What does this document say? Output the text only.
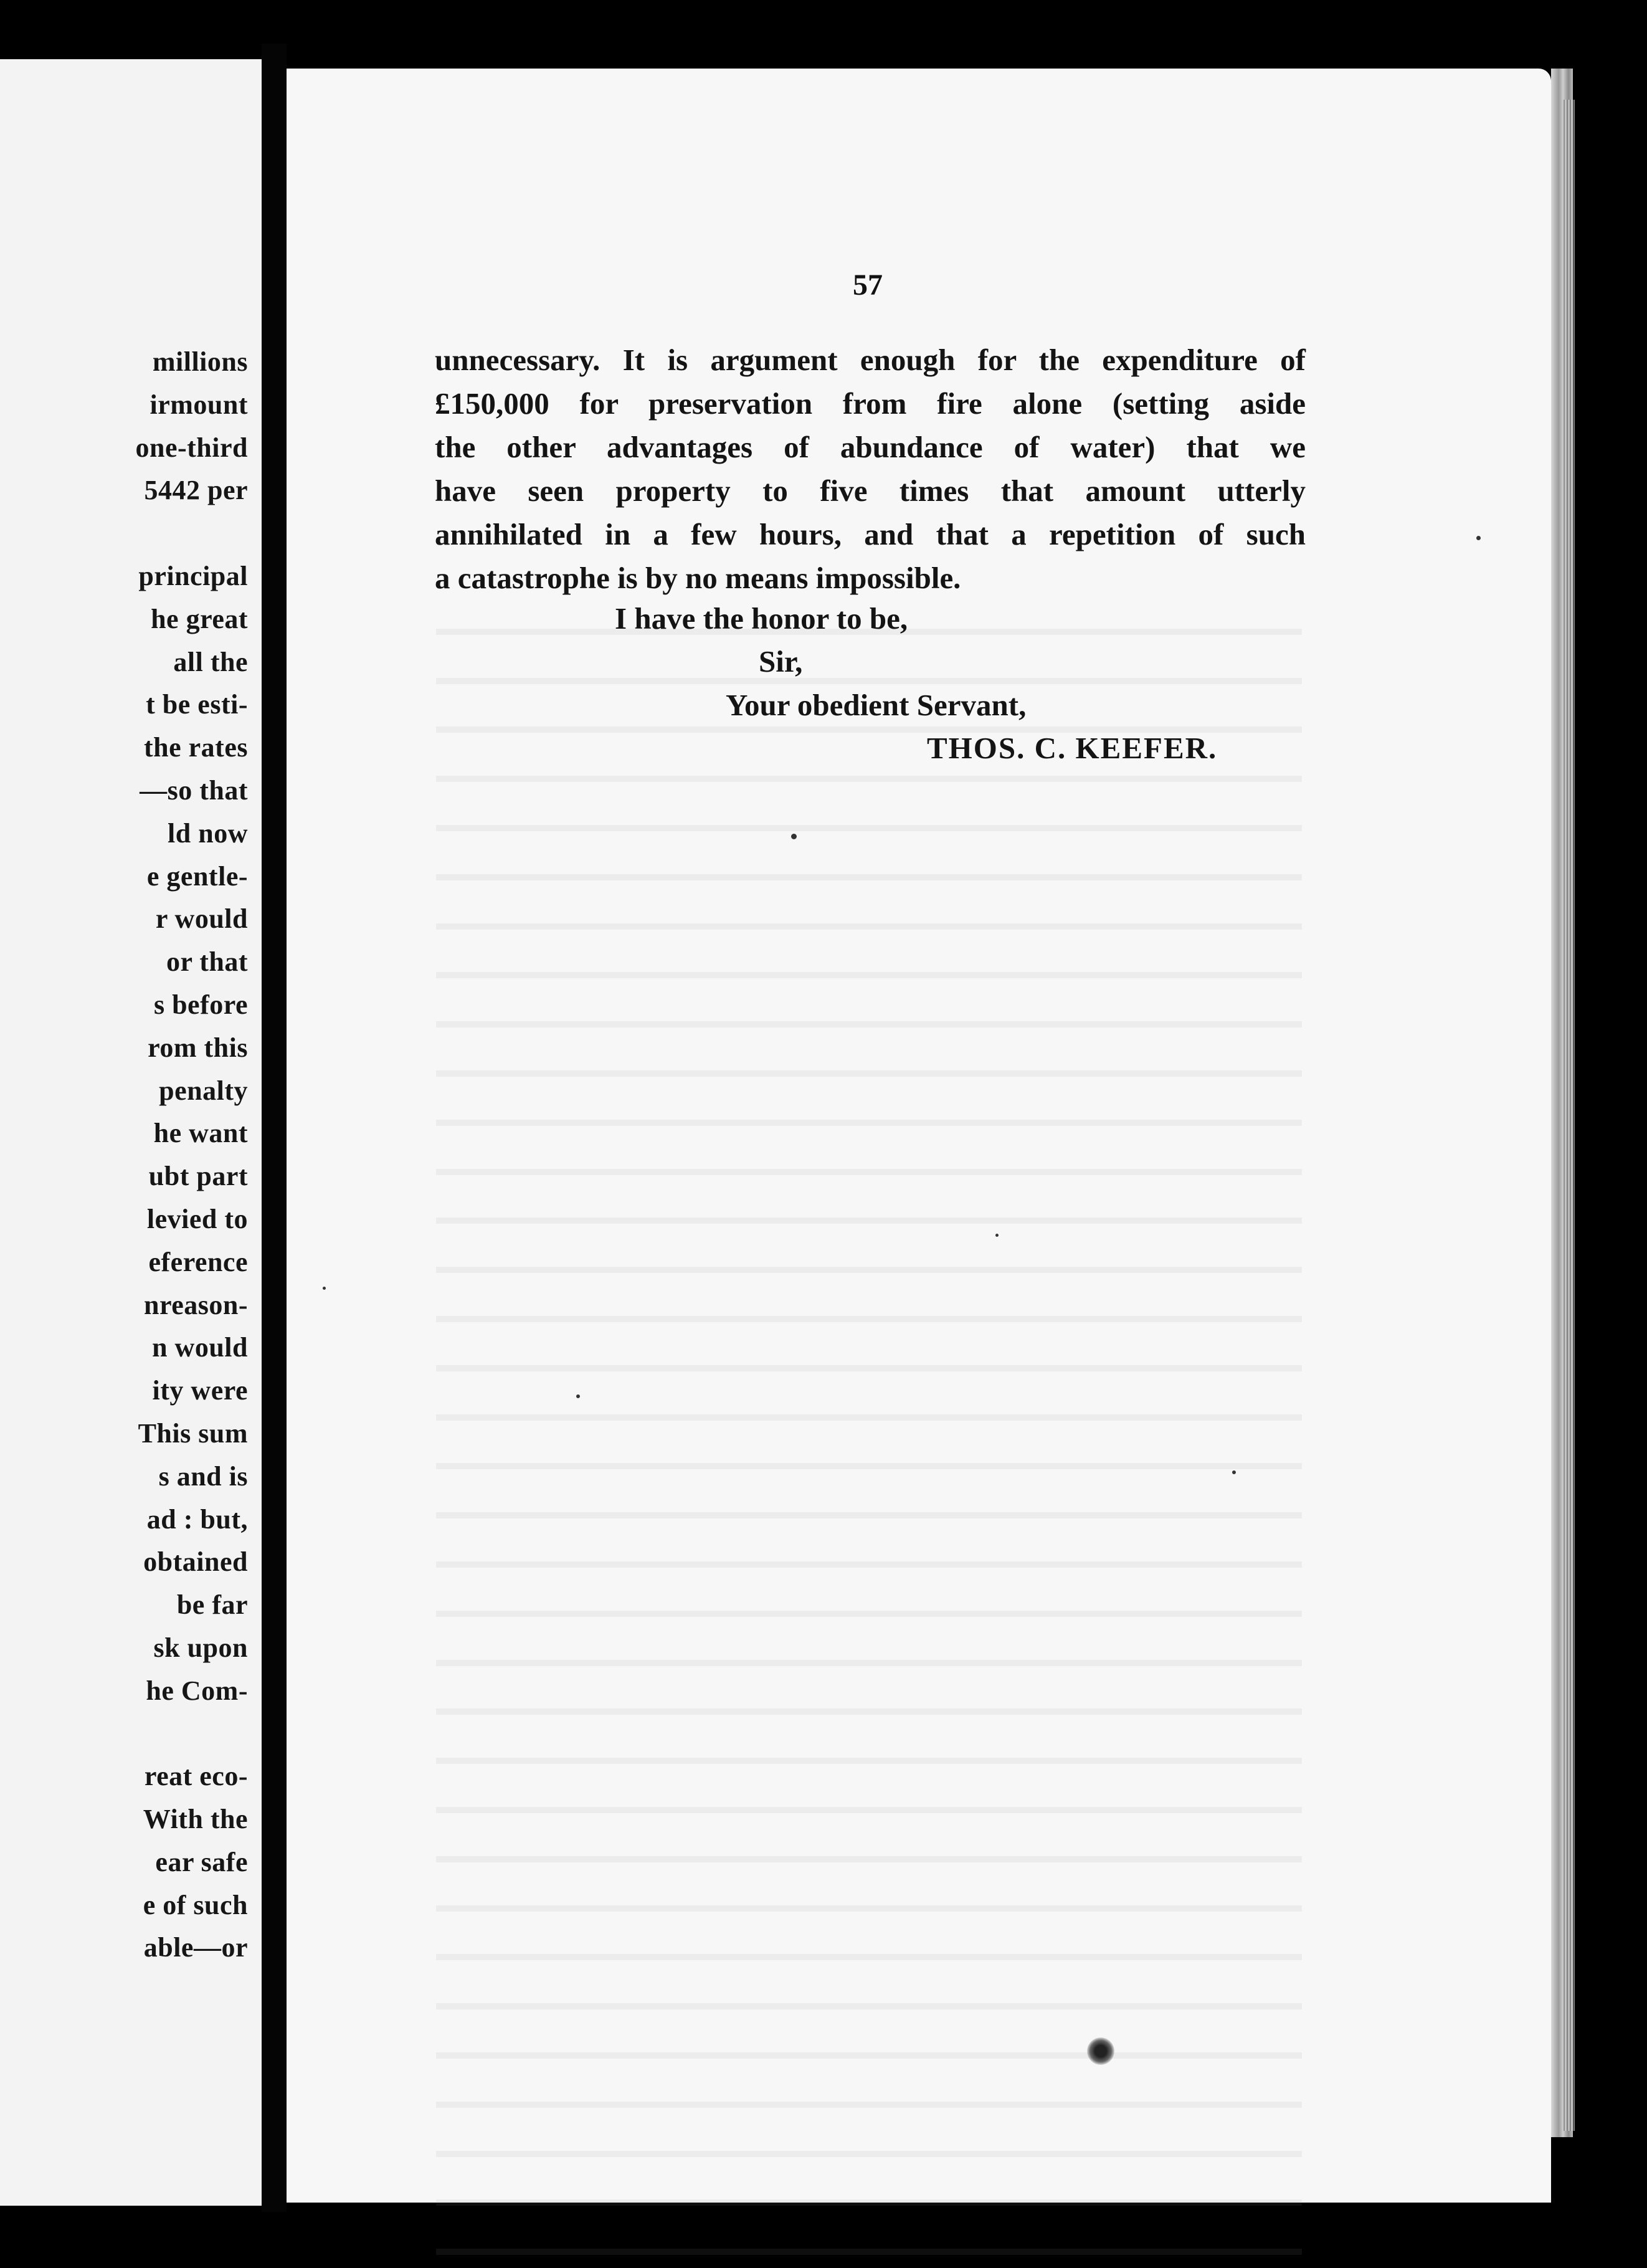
millions
irmount
one-third
5442 per
principal
he great
all the
t be esti-
the rates
—so that
ld now
e gentle-
r would
or that
s before
rom this
penalty
he want
ubt part
levied to
eference
nreason-
n would
ity were
This sum
s and is
ad : but,
obtained
be far
sk upon
he Com-
reat eco-
With the
ear safe
e of such
able—or
57
unnecessary. It is argument enough for the expenditure of
£150,000 for preservation from fire alone (setting aside
the other advantages of abundance of water) that we
have seen property to five times that amount utterly
annihilated in a few hours, and that a repetition of such
a catastrophe is by no means impossible.
I have the honor to be,
Sir,
Your obedient Servant,
THOS. C. KEEFER.
